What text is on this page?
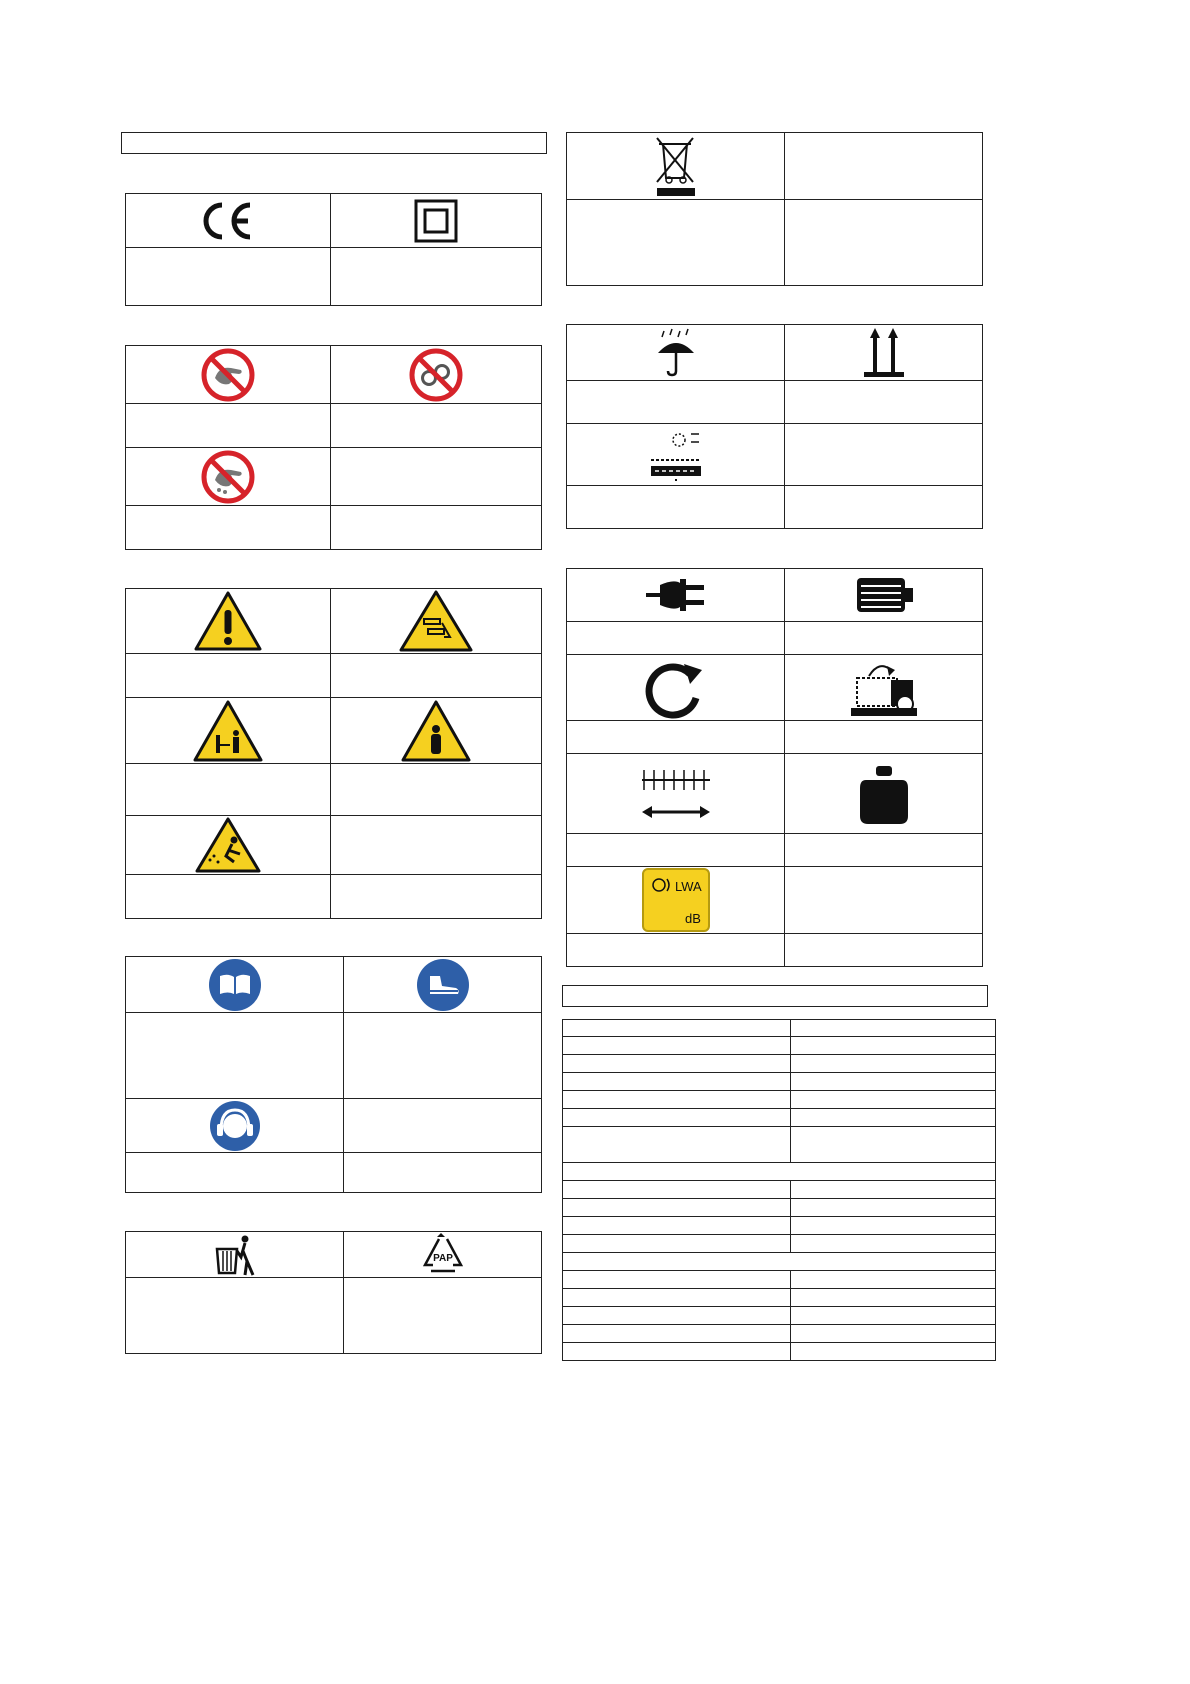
PAP

LWA
dB	
